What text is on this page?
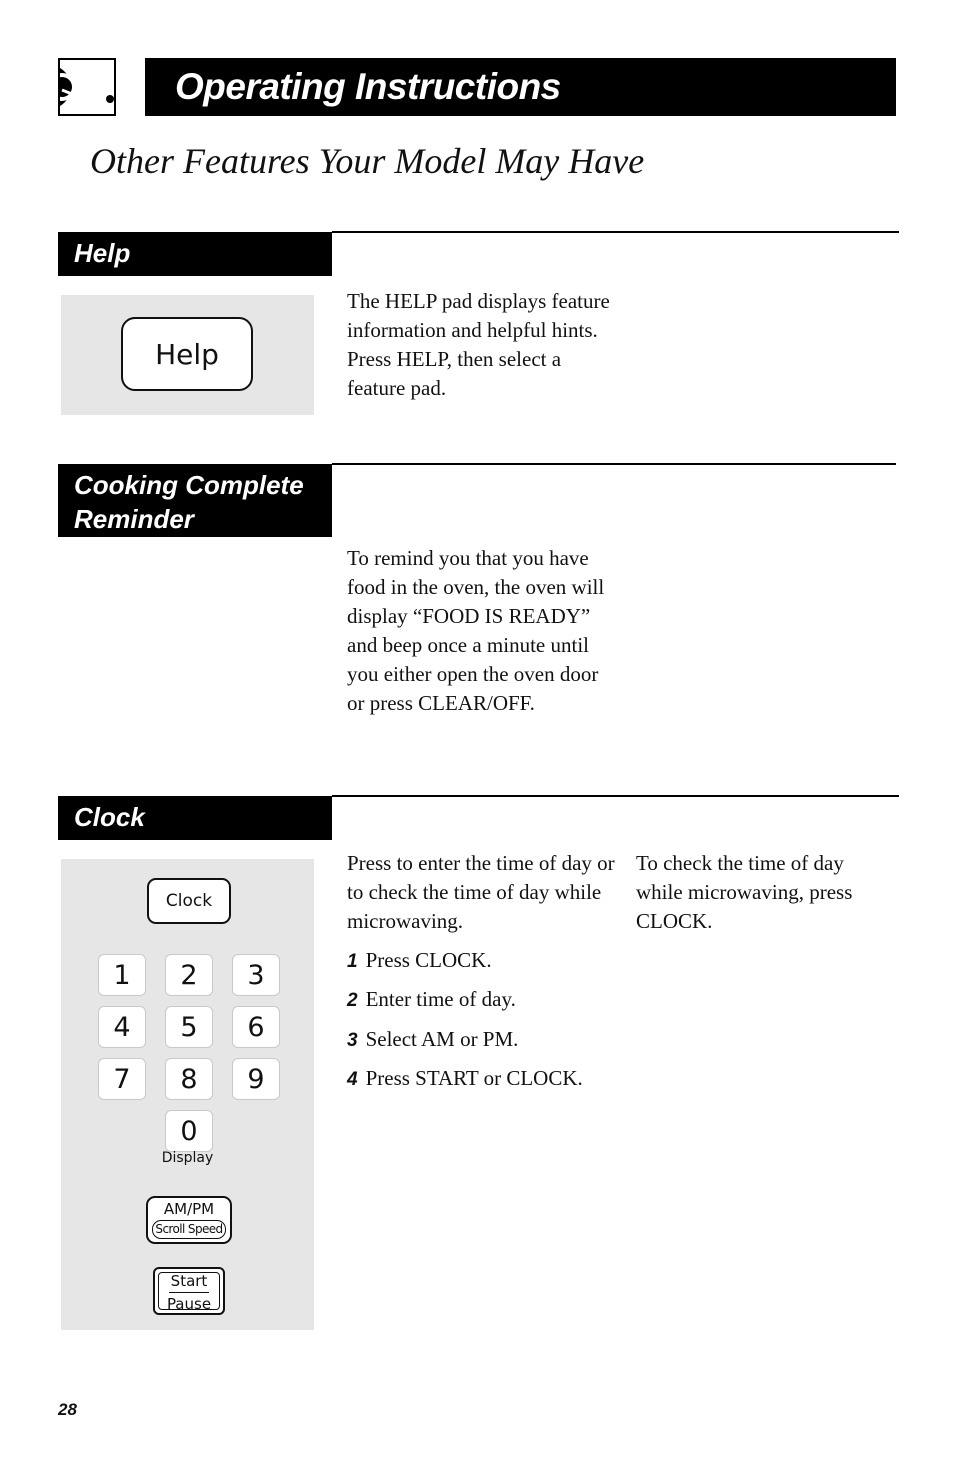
Operating Instructions
Other Features Your Model May Have
Help
Help
The HELP pad displays feature information and helpful hints. Press HELP, then select a feature pad.
Cooking Complete
Reminder
To remind you that you have food in the oven, the oven will display “FOOD IS READY” and beep once a minute until you either open the oven door or press CLEAR/OFF.
Clock
Clock
1	2	3
4	5	6
7	8	9
0
Display
AM/PM
Scroll Speed
Start
Pause
Press to enter the time of day or to check the time of day while microwaving.
1 Press CLOCK.
2 Enter time of day.
3 Select AM or PM.
4 Press START or CLOCK.
To check the time of day while microwaving, press CLOCK.
28
